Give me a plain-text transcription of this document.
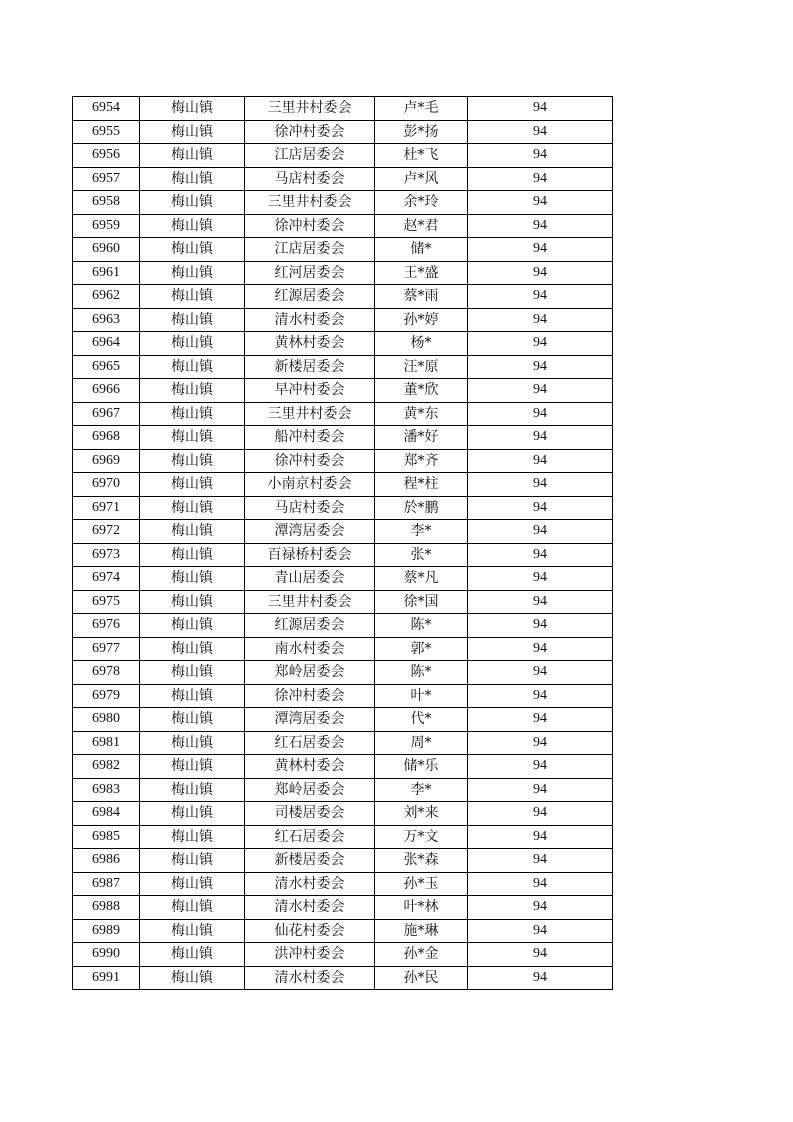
6954	梅山镇	三里井村委会	卢*毛	94
6955	梅山镇	徐冲村委会	彭*扬	94
6956	梅山镇	江店居委会	杜*飞	94
6957	梅山镇	马店村委会	卢*风	94
6958	梅山镇	三里井村委会	余*玲	94
6959	梅山镇	徐冲村委会	赵*君	94
6960	梅山镇	江店居委会	储*	94
6961	梅山镇	红河居委会	王*盛	94
6962	梅山镇	红源居委会	蔡*雨	94
6963	梅山镇	清水村委会	孙*婷	94
6964	梅山镇	黄林村委会	杨*	94
6965	梅山镇	新楼居委会	汪*原	94
6966	梅山镇	早冲村委会	董*欣	94
6967	梅山镇	三里井村委会	黄*东	94
6968	梅山镇	船冲村委会	潘*好	94
6969	梅山镇	徐冲村委会	郑*齐	94
6970	梅山镇	小南京村委会	程*柱	94
6971	梅山镇	马店村委会	於*鹏	94
6972	梅山镇	潭湾居委会	李*	94
6973	梅山镇	百禄桥村委会	张*	94
6974	梅山镇	青山居委会	蔡*凡	94
6975	梅山镇	三里井村委会	徐*国	94
6976	梅山镇	红源居委会	陈*	94
6977	梅山镇	南水村委会	郭*	94
6978	梅山镇	郑岭居委会	陈*	94
6979	梅山镇	徐冲村委会	叶*	94
6980	梅山镇	潭湾居委会	代*	94
6981	梅山镇	红石居委会	周*	94
6982	梅山镇	黄林村委会	储*乐	94
6983	梅山镇	郑岭居委会	李*	94
6984	梅山镇	司楼居委会	刘*来	94
6985	梅山镇	红石居委会	万*文	94
6986	梅山镇	新楼居委会	张*森	94
6987	梅山镇	清水村委会	孙*玉	94
6988	梅山镇	清水村委会	叶*林	94
6989	梅山镇	仙花村委会	施*琳	94
6990	梅山镇	洪冲村委会	孙*金	94
6991	梅山镇	清水村委会	孙*民	94
